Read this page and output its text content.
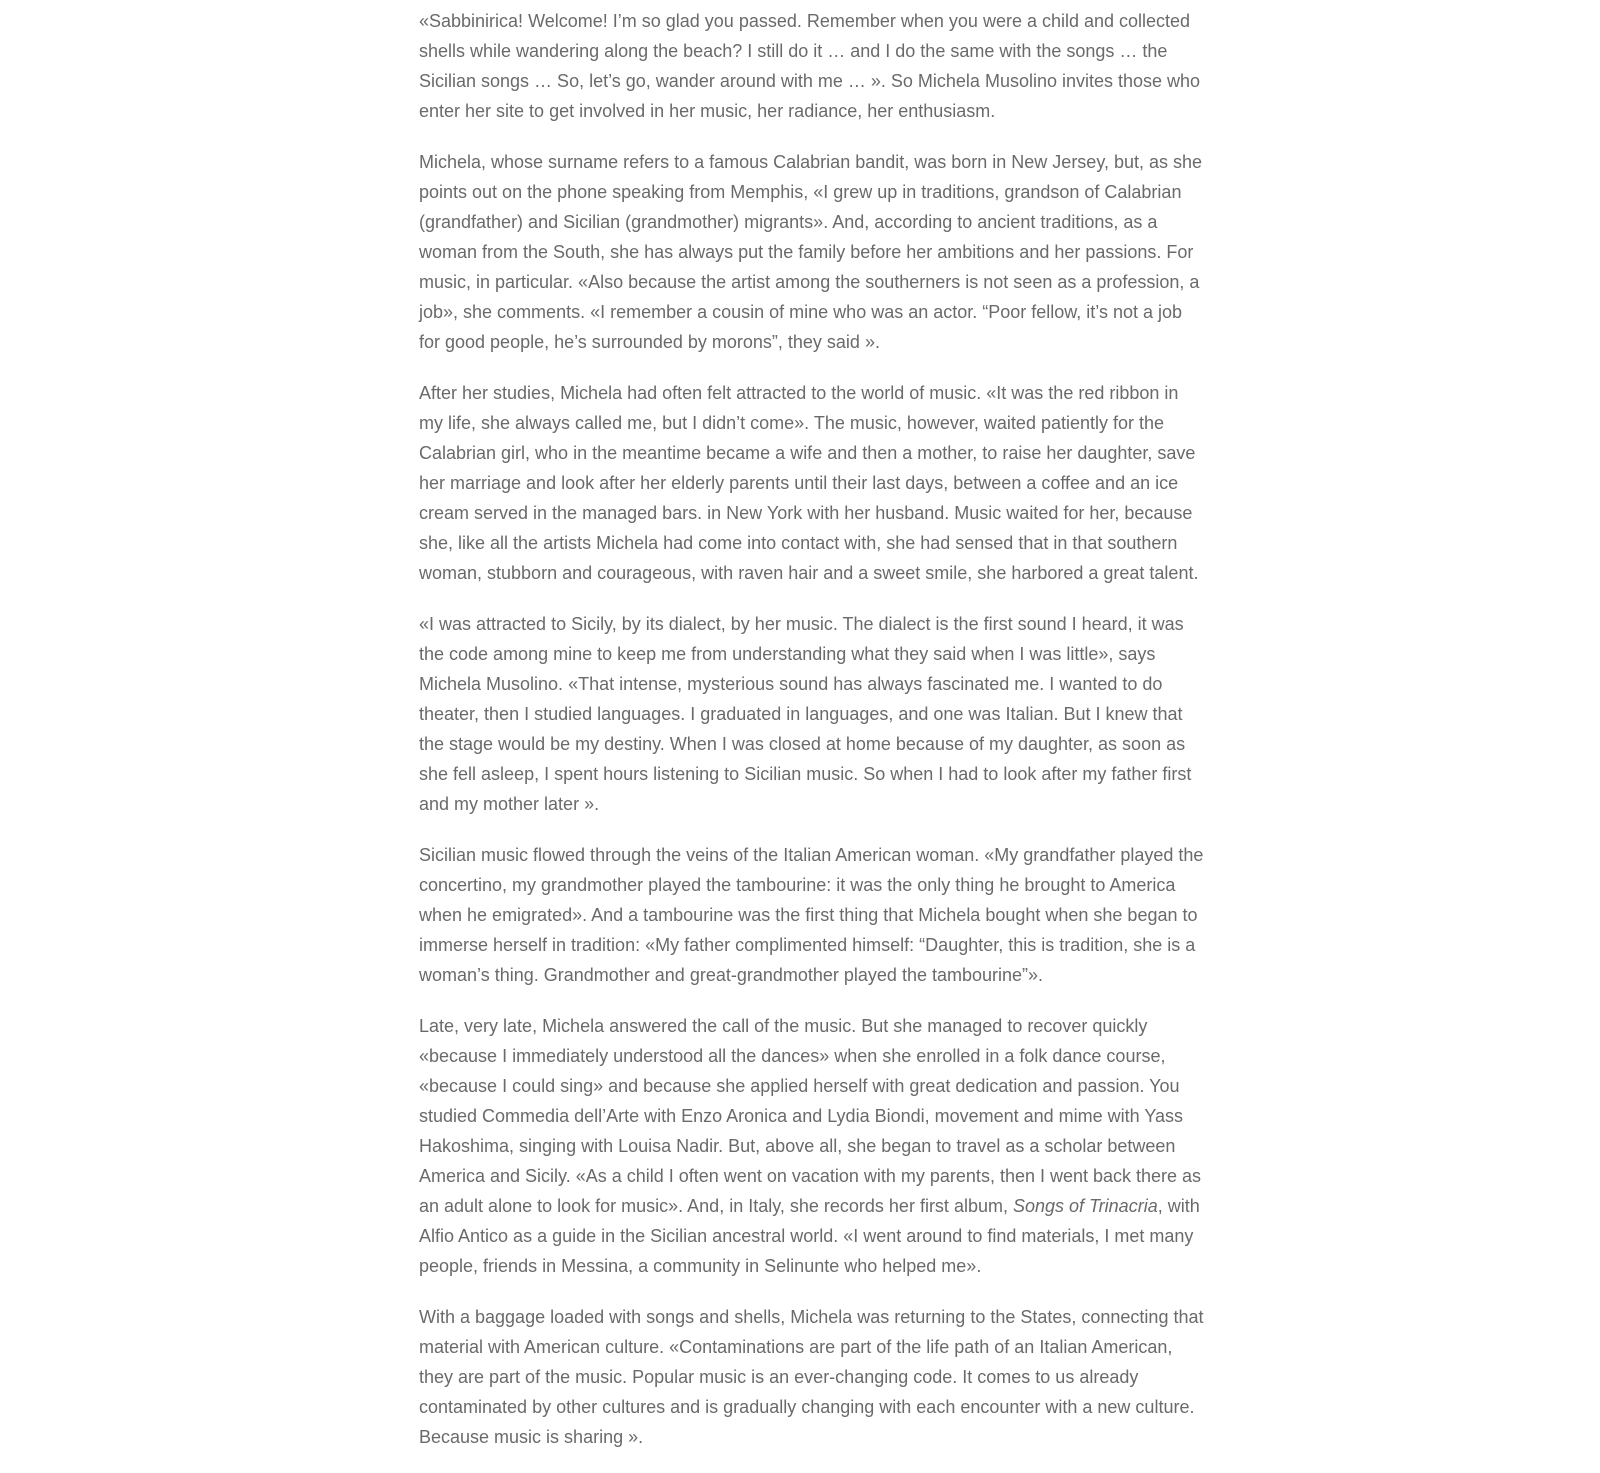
«Sabbinirica! Welcome! I’m so glad you passed. Remember when you were a child and collected shells while wandering along the beach? I still do it … and I do the same with the songs … the Sicilian songs … So, let’s go, wander around with me … ». So Michela Musolino invites those who enter her site to get involved in her music, her radiance, her enthusiasm.

Michela, whose surname refers to a famous Calabrian bandit, was born in New Jersey, but, as she points out on the phone speaking from Memphis, «I grew up in traditions, grandson of Calabrian (grandfather) and Sicilian (grandmother) migrants». And, according to ancient traditions, as a woman from the South, she has always put the family before her ambitions and her passions. For music, in particular. «Also because the artist among the southerners is not seen as a profession, a job», she comments. «I remember a cousin of mine who was an actor. “Poor fellow, it’s not a job for good people, he’s surrounded by morons”, they said ».

After her studies, Michela had often felt attracted to the world of music. «It was the red ribbon in my life, she always called me, but I didn’t come». The music, however, waited patiently for the Calabrian girl, who in the meantime became a wife and then a mother, to raise her daughter, save her marriage and look after her elderly parents until their last days, between a coffee and an ice cream served in the managed bars. in New York with her husband. Music waited for her, because she, like all the artists Michela had come into contact with, she had sensed that in that southern woman, stubborn and courageous, with raven hair and a sweet smile, she harbored a great talent.

«I was attracted to Sicily, by its dialect, by her music. The dialect is the first sound I heard, it was the code among mine to keep me from understanding what they said when I was little», says Michela Musolino. «That intense, mysterious sound has always fascinated me. I wanted to do theater, then I studied languages. I graduated in languages, and one was Italian. But I knew that the stage would be my destiny. When I was closed at home because of my daughter, as soon as she fell asleep, I spent hours listening to Sicilian music. So when I had to look after my father first and my mother later ».

Sicilian music flowed through the veins of the Italian American woman. «My grandfather played the concertino, my grandmother played the tambourine: it was the only thing he brought to America when he emigrated». And a tambourine was the first thing that Michela bought when she began to immerse herself in tradition: «My father complimented himself: “Daughter, this is tradition, she is a woman’s thing. Grandmother and great-grandmother played the tambourine”».

Late, very late, Michela answered the call of the music. But she managed to recover quickly «because I immediately understood all the dances» when she enrolled in a folk dance course, «because I could sing» and because she applied herself with great dedication and passion. You studied Commedia dell’Arte with Enzo Aronica and Lydia Biondi, movement and mime with Yass Hakoshima, singing with Louisa Nadir. But, above all, she began to travel as a scholar between America and Sicily. «As a child I often went on vacation with my parents, then I went back there as an adult alone to look for music». And, in Italy, she records her first album, Songs of Trinacria, with Alfio Antico as a guide in the Sicilian ancestral world. «I went around to find materials, I met many people, friends in Messina, a community in Selinunte who helped me».

With a baggage loaded with songs and shells, Michela was returning to the States, connecting that material with American culture. «Contaminations are part of the life path of an Italian American, they are part of the music. Popular music is an ever-changing code. It comes to us already contaminated by other cultures and is gradually changing with each encounter with a new culture. Because music is sharing ».
